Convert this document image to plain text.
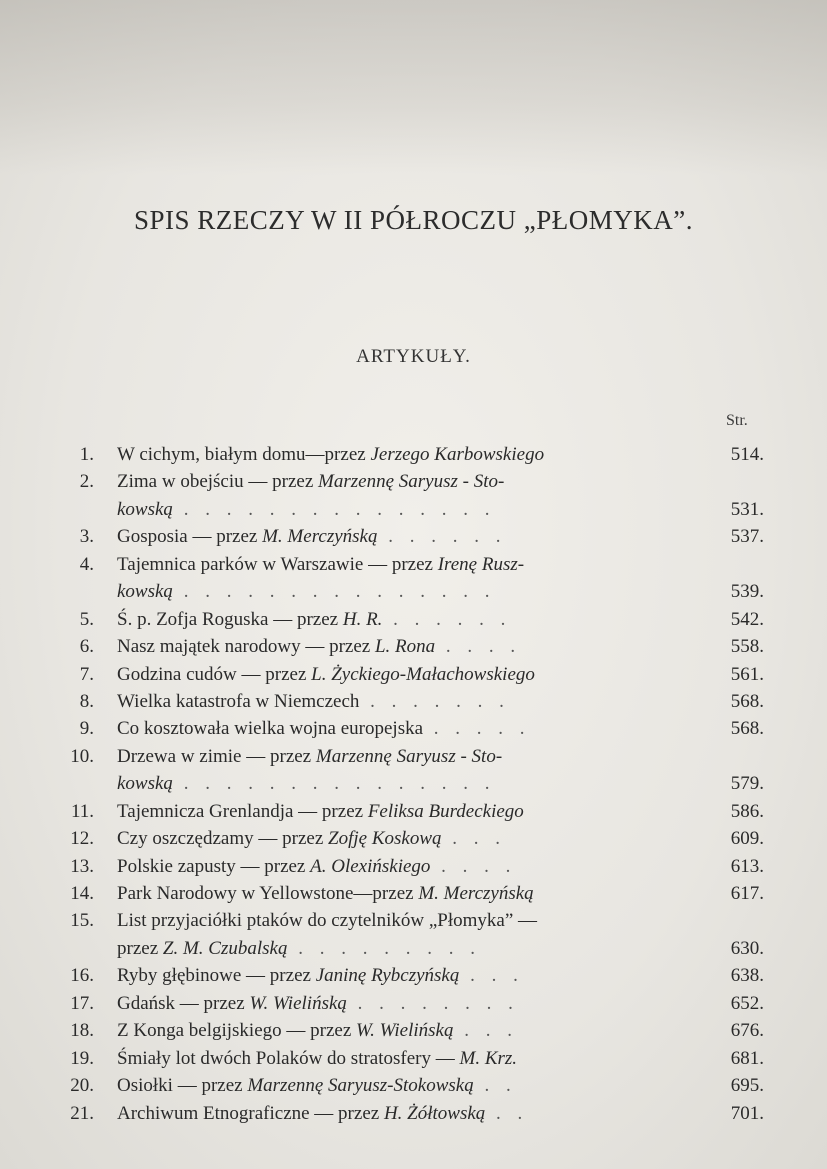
SPIS RZECZY W II PÓŁROCZU „PŁOMYKA”.
ARTYKUŁY.
Str.
1. W cichym, białym domu—przez Jerzego Karbowskiego	514.
2. Zima w obejściu — przez Marzennę Saryusz - Sto-
kowską . . . . . . . . . . . . . . .	531.
3. Gosposia — przez M. Merczyńską . . . . . .	537.
4. Tajemnica parków w Warszawie — przez Irenę Rusz-
kowską . . . . . . . . . . . . . . .	539.
5. Ś. p. Zofja Roguska — przez H. R. . . . . . .	542.
6. Nasz majątek narodowy — przez L. Rona . . . .	558.
7. Godzina cudów — przez L. Życkiego-Małachowskiego	561.
8. Wielka katastrofa w Niemczech . . . . . . .	568.
9. Co kosztowała wielka wojna europejska . . . . .	568.
10. Drzewa w zimie — przez Marzennę Saryusz - Sto-
kowską . . . . . . . . . . . . . . .	579.
11. Tajemnicza Grenlandja — przez Feliksa Burdeckiego	586.
12. Czy oszczędzamy — przez Zofję Koskową . . .	609.
13. Polskie zapusty — przez A. Olexińskiego . . . .	613.
14. Park Narodowy w Yellowstone—przez M. Merczyńską	617.
15. List przyjaciółki ptaków do czytelników „Płomyka” —
przez Z. M. Czubalską . . . . . . . . .	630.
16. Ryby głębinowe — przez Janinę Rybczyńską . . .	638.
17. Gdańsk — przez W. Wielińską . . . . . . . .	652.
18. Z Konga belgijskiego — przez W. Wielińską . . .	676.
19. Śmiały lot dwóch Polaków do stratosfery — M. Krz.	681.
20. Osiołki — przez Marzennę Saryusz-Stokowską . .	695.
21. Archiwum Etnograficzne — przez H. Żółtowską . .	701.
